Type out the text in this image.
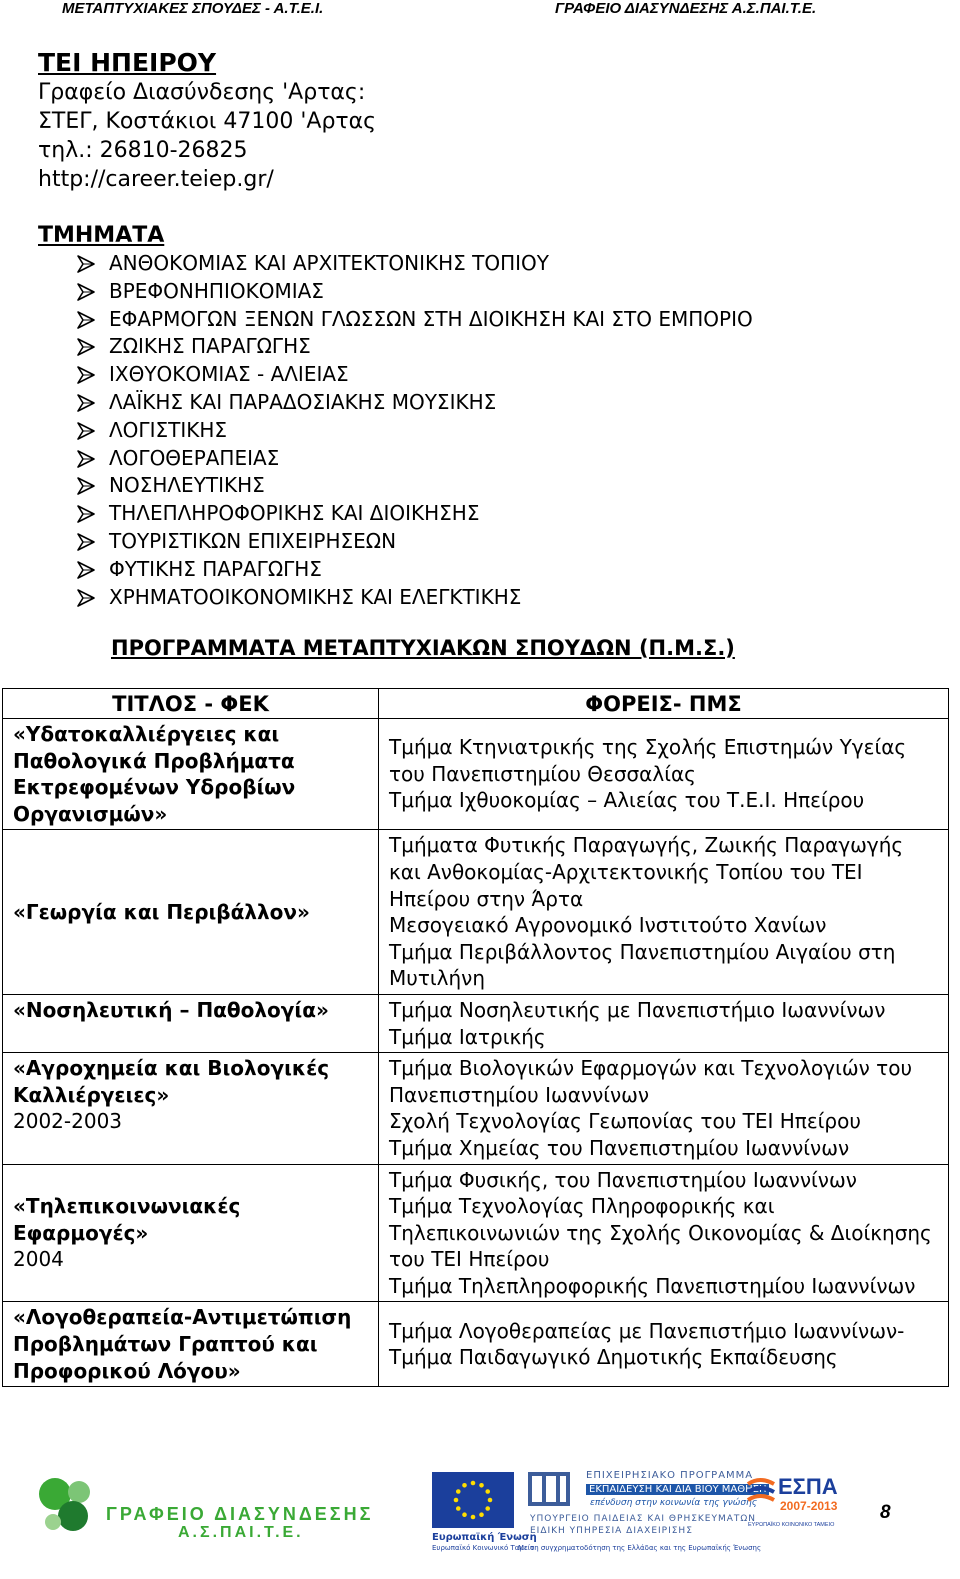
ΜΕΤΑΠΤΥΧΙΑΚΕΣ ΣΠΟΥΔΕΣ - Α.Τ.Ε.Ι.	ΓΡΑΦΕΙΟ ΔΙΑΣΥΝΔΕΣΗΣ Α.Σ.ΠΑΙ.Τ.Ε.
ΤΕΙ ΗΠΕΙΡΟΥ
Γραφείο Διασύνδεσης 'Αρτας:
ΣΤΕΓ, Κοστάκιοι 47100 'Αρτας
τηλ.: 26810-26825
http://career.teiep.gr/
ΤΜΗΜΑΤΑ
ΑΝΘΟΚΟΜΙΑΣ ΚΑΙ ΑΡΧΙΤΕΚΤΟΝΙΚΗΣ ΤΟΠΙΟΥ
ΒΡΕΦΟΝΗΠΙΟΚΟΜΙΑΣ
ΕΦΑΡΜΟΓΩΝ ΞΕΝΩΝ ΓΛΩΣΣΩΝ ΣΤΗ ΔΙΟΙΚΗΣΗ ΚΑΙ ΣΤΟ ΕΜΠΟΡΙΟ
ΖΩΙΚΗΣ ΠΑΡΑΓΩΓΗΣ
ΙΧΘΥΟΚΟΜΙΑΣ - ΑΛΙΕΙΑΣ
ΛΑΪΚΗΣ ΚΑΙ ΠΑΡΑΔΟΣΙΑΚΗΣ ΜΟΥΣΙΚΗΣ
ΛΟΓΙΣΤΙΚΗΣ
ΛΟΓΟΘΕΡΑΠΕΙΑΣ
ΝΟΣΗΛΕΥΤΙΚΗΣ
ΤΗΛΕΠΛΗΡΟΦΟΡΙΚΗΣ ΚΑΙ ΔΙΟΙΚΗΣΗΣ
ΤΟΥΡΙΣΤΙΚΩΝ ΕΠΙΧΕΙΡΗΣΕΩΝ
ΦΥΤΙΚΗΣ ΠΑΡΑΓΩΓΗΣ
ΧΡΗΜΑΤΟΟΙΚΟΝΟΜΙΚΗΣ ΚΑΙ ΕΛΕΓΚΤΙΚΗΣ
ΠΡΟΓΡΑΜΜΑΤΑ ΜΕΤΑΠΤΥΧΙΑΚΩΝ ΣΠΟΥΔΩΝ (Π.Μ.Σ.)
ΤΙΤΛΟΣ - ΦΕΚ	ΦΟΡΕΙΣ- ΠΜΣ

«Υδατοκαλλιέργειες και Παθολογικά Προβλήματα Εκτρεφομένων Υδροβίων Οργανισμών»	Τμήμα Κτηνιατρικής της Σχολής Επιστημών Υγείας του Πανεπιστημίου Θεσσαλίας
Τμήμα Ιχθυοκομίας – Αλιείας του Τ.Ε.Ι. Ηπείρου

«Γεωργία και Περιβάλλον»	Τμήματα Φυτικής Παραγωγής, Ζωικής Παραγωγής και Ανθοκομίας-Αρχιτεκτονικής Τοπίου του ΤΕΙ Ηπείρου στην Άρτα
Μεσογειακό Αγρονομικό Ινστιτούτο Χανίων
Τμήμα Περιβάλλοντος Πανεπιστημίου Αιγαίου στη Μυτιλήνη

«Νοσηλευτική – Παθολογία»	Τμήμα Νοσηλευτικής με Πανεπιστήμιο Ιωαννίνων
Τμήμα Ιατρικής

«Αγροχημεία και Βιολογικές Καλλιέργειες»
2002-2003	Τμήμα Βιολογικών Εφαρμογών και Τεχνολογιών του Πανεπιστημίου Ιωαννίνων
Σχολή Τεχνολογίας Γεωπονίας του ΤΕΙ Ηπείρου
Τμήμα Χημείας του Πανεπιστημίου Ιωαννίνων

«Τηλεπικοινωνιακές Εφαρμογές»
2004	Τμήμα Φυσικής, του Πανεπιστημίου Ιωαννίνων
Τμήμα Τεχνολογίας Πληροφορικής και Τηλεπικοινωνιών της Σχολής Οικονομίας & Διοίκησης του ΤΕΙ Ηπείρου
Τμήμα Τηλεπληροφορικής Πανεπιστημίου Ιωαννίνων

«Λογοθεραπεία-Αντιμετώπιση Προβλημάτων Γραπτού και Προφορικού Λόγου»	Τμήμα Λογοθεραπείας με Πανεπιστήμιο Ιωαννίνων-Τμήμα Παιδαγωγικό Δημοτικής Εκπαίδευσης
ΓΡΑΦΕΙΟ ΔΙΑΣΥΝΔΕΣΗΣ
Α.Σ.ΠΑΙ.Τ.Ε.	Ευρωπαϊκή Ένωση
Ευρωπαϊκό Κοινωνικό Ταμείο
ΕΠΙΧΕΙΡΗΣΙΑΚΟ ΠΡΟΓΡΑΜΜΑ
ΕΚΠΑΙΔΕΥΣΗ ΚΑΙ ΔΙΑ ΒΙΟΥ ΜΑΘΗΣΗ
επένδυση στην κοινωνία της γνώσης
ΥΠΟΥΡΓΕΙΟ ΠΑΙΔΕΙΑΣ ΚΑΙ ΘΡΗΣΚΕΥΜΑΤΩΝ
ΕΙΔΙΚΗ ΥΠΗΡΕΣΙΑ ΔΙΑΧΕΙΡΙΣΗΣ
Με τη συγχρηματοδότηση της Ελλάδας και της Ευρωπαϊκής Ένωσης
ΕΣΠΑ
2007-2013
ΕΥΡΩΠΑΪΚΟ ΚΟΙΝΩΝΙΚΟ ΤΑΜΕΙΟ
8
